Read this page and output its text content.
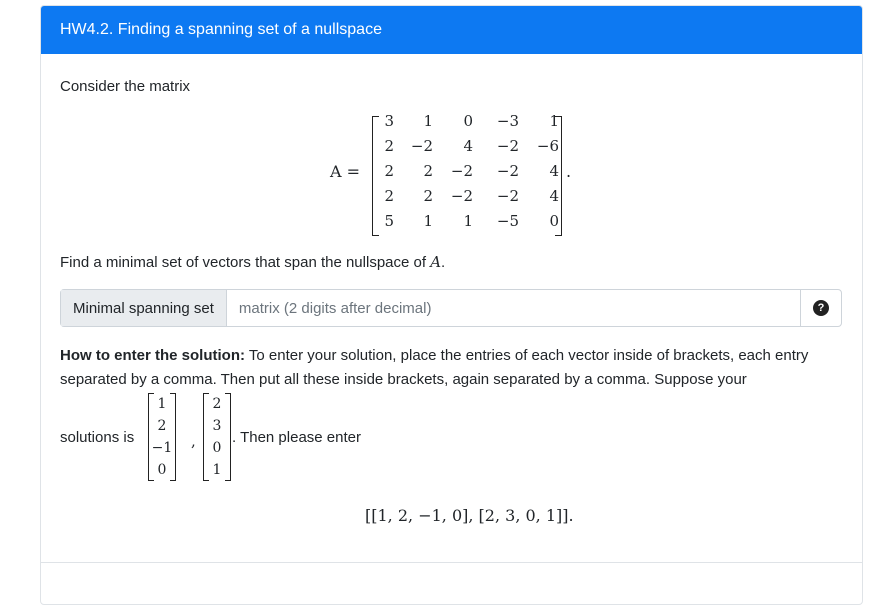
HW4.2. Finding a spanning set of a nullspace
Consider the matrix
A =
3	1	0 −3	1
2 −2	4 −2 −6
2	2 −2 −2	4
2	2 −2 −2	4
5	1	1 −5	0
.
Find a minimal set of vectors that span the nullspace of A.
Minimal spanning set
matrix (2 digits after decimal)	?
How to enter the solution: To enter your solution, place the entries of each vector inside of brackets, each entry separated by a comma. Then put all these inside brackets, again separated by a comma. Suppose your
solutions is
1
2
−1
0
,
2
3
0
1
. Then please enter
[[1, 2, −1, 0], [2, 3, 0, 1]].
